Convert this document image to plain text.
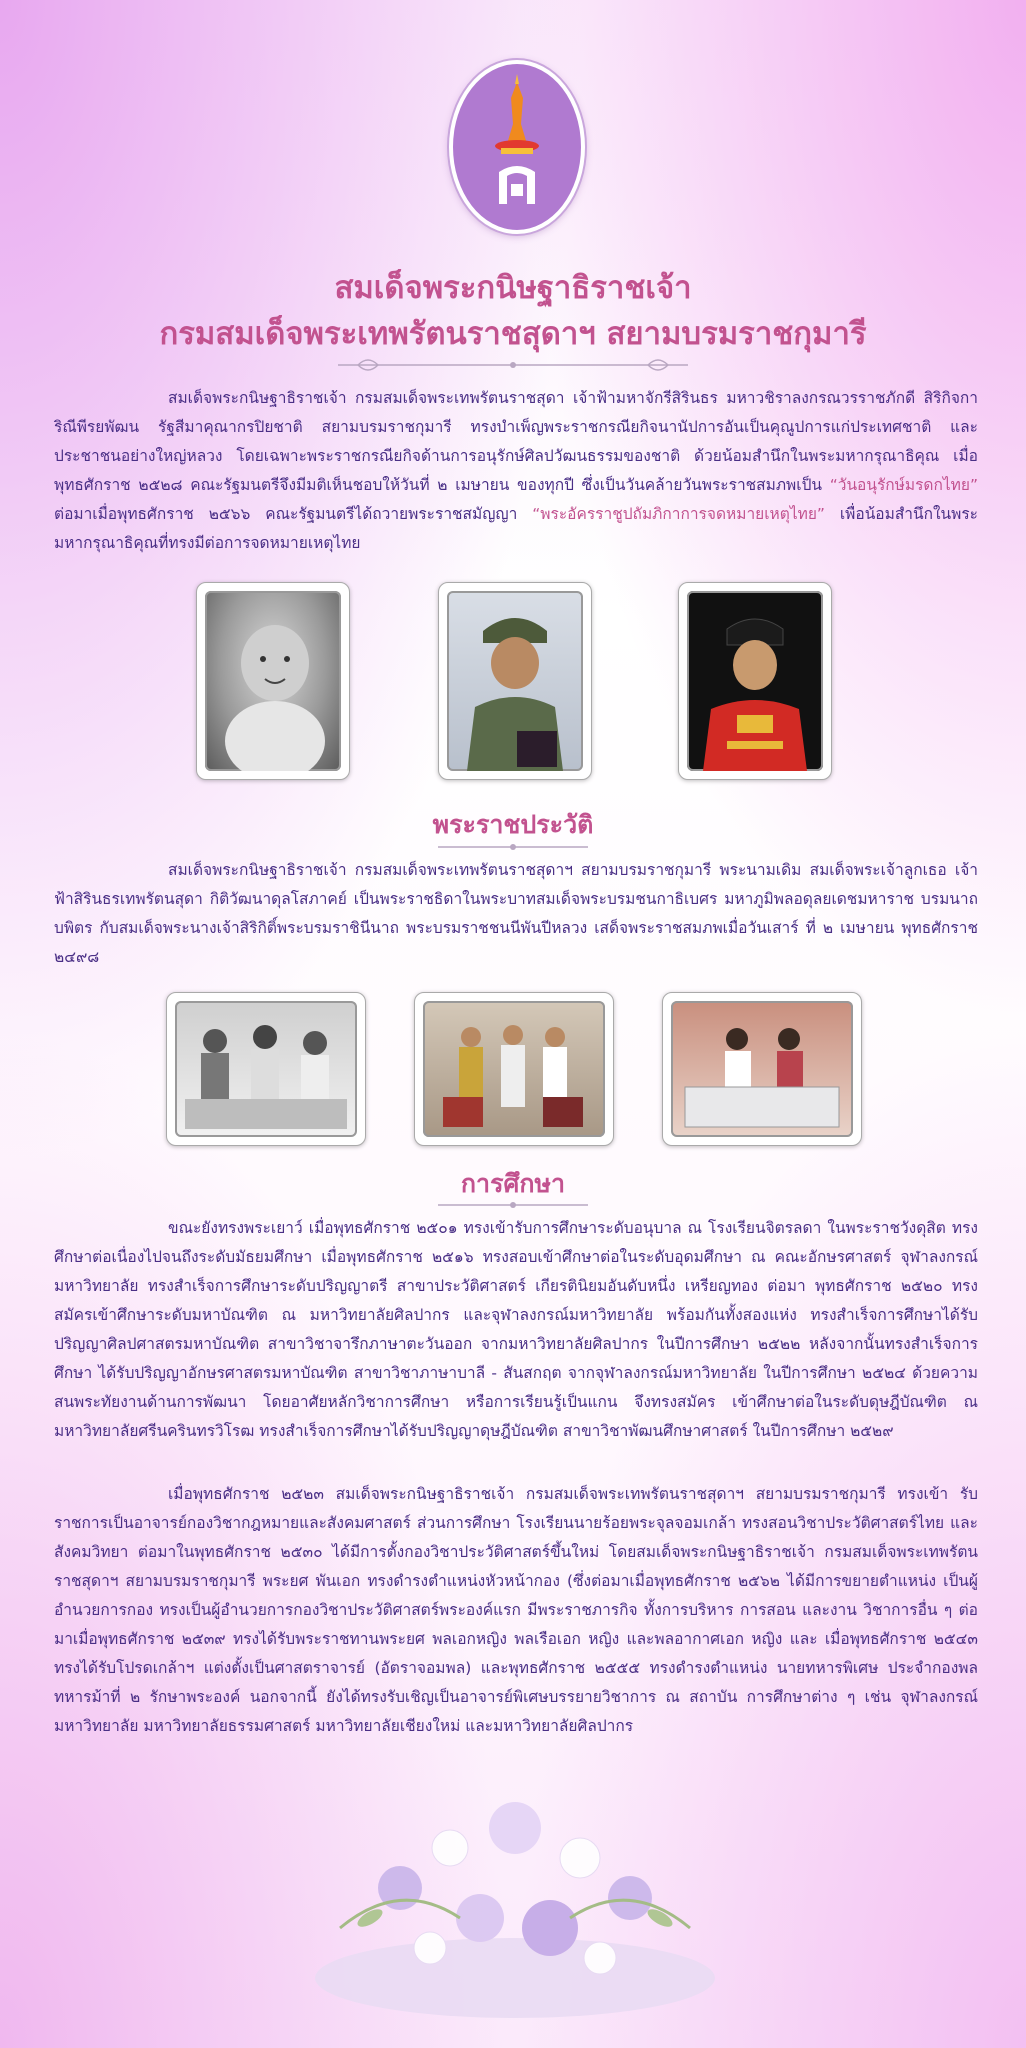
สมเด็จพระกนิษฐาธิราชเจ้า
กรมสมเด็จพระเทพรัตนราชสุดาฯ สยามบรมราชกุมารี

สมเด็จพระกนิษฐาธิราชเจ้า กรมสมเด็จพระเทพรัตนราชสุดา เจ้าฟ้ามหาจักรีสิรินธร มหาวชิราลงกรณวรราชภักดี สิริกิจการิณีพีรยพัฒน รัฐสีมาคุณากรปิยชาติ สยามบรมราชกุมารี ทรงบำเพ็ญพระราชกรณียกิจนานัปการอันเป็นคุณูปการแก่ประเทศชาติ และประชาชนอย่างใหญ่หลวง โดยเฉพาะพระราชกรณียกิจด้านการอนุรักษ์ศิลปวัฒนธรรมของชาติ ด้วยน้อมสำนึกในพระมหากรุณาธิคุณ เมื่อพุทธศักราช ๒๕๒๘ คณะรัฐมนตรีจึงมีมติเห็นชอบให้วันที่ ๒ เมษายน ของทุกปี ซึ่งเป็นวันคล้ายวันพระราชสมภพเป็น “วันอนุรักษ์มรดกไทย” ต่อมาเมื่อพุทธศักราช ๒๕๖๖ คณะรัฐมนตรีได้ถวายพระราชสมัญญา “พระอัครราชูปถัมภิกาการจดหมายเหตุไทย” เพื่อน้อมสำนึกในพระมหากรุณาธิคุณที่ทรงมีต่อการจดหมายเหตุไทย

พระราชประวัติ

สมเด็จพระกนิษฐาธิราชเจ้า กรมสมเด็จพระเทพรัตนราชสุดาฯ สยามบรมราชกุมารี พระนามเดิม สมเด็จพระเจ้าลูกเธอ เจ้าฟ้าสิรินธรเทพรัตนสุดา กิติวัฒนาดุลโสภาคย์ เป็นพระราชธิดาในพระบาทสมเด็จพระบรมชนกาธิเบศร มหาภูมิพลอดุลยเดชมหาราช บรมนาถบพิตร กับสมเด็จพระนางเจ้าสิริกิติ์พระบรมราชินีนาถ พระบรมราชชนนีพันปีหลวง เสด็จพระราชสมภพเมื่อวันเสาร์ ที่ ๒ เมษายน พุทธศักราช ๒๔๙๘

การศึกษา

ขณะยังทรงพระเยาว์ เมื่อพุทธศักราช ๒๕๐๑ ทรงเข้ารับการศึกษาระดับอนุบาล ณ โรงเรียนจิตรลดา ในพระราชวังดุสิต ทรงศึกษาต่อเนื่องไปจนถึงระดับมัธยมศึกษา เมื่อพุทธศักราช ๒๕๑๖ ทรงสอบเข้าศึกษาต่อในระดับอุดมศึกษา ณ คณะอักษรศาสตร์ จุฬาลงกรณ์มหาวิทยาลัย ทรงสำเร็จการศึกษาระดับปริญญาตรี สาขาประวัติศาสตร์ เกียรตินิยมอันดับหนึ่ง เหรียญทอง ต่อมา พุทธศักราช ๒๕๒๐ ทรงสมัครเข้าศึกษาระดับมหาบัณฑิต ณ มหาวิทยาลัยศิลปากร และจุฬาลงกรณ์มหาวิทยาลัย พร้อมกันทั้งสองแห่ง ทรงสำเร็จการศึกษาได้รับปริญญาศิลปศาสตรมหาบัณฑิต สาขาวิชาจารึกภาษาตะวันออก จากมหาวิทยาลัยศิลปากร ในปีการศึกษา ๒๕๒๒ หลังจากนั้นทรงสำเร็จการศึกษา ได้รับปริญญาอักษรศาสตรมหาบัณฑิต สาขาวิชาภาษาบาลี - สันสกฤต จากจุฬาลงกรณ์มหาวิทยาลัย ในปีการศึกษา ๒๕๒๔ ด้วยความสนพระทัยงานด้านการพัฒนา โดยอาศัยหลักวิชาการศึกษา หรือการเรียนรู้เป็นแกน จึงทรงสมัคร เข้าศึกษาต่อในระดับดุษฎีบัณฑิต ณ มหาวิทยาลัยศรีนครินทรวิโรฒ ทรงสำเร็จการศึกษาได้รับปริญญาดุษฎีบัณฑิต สาขาวิชาพัฒนศึกษาศาสตร์ ในปีการศึกษา ๒๕๒๙

เมื่อพุทธศักราช ๒๕๒๓ สมเด็จพระกนิษฐาธิราชเจ้า กรมสมเด็จพระเทพรัตนราชสุดาฯ สยามบรมราชกุมารี ทรงเข้า รับราชการเป็นอาจารย์กองวิชากฎหมายและสังคมศาสตร์ ส่วนการศึกษา โรงเรียนนายร้อยพระจุลจอมเกล้า ทรงสอนวิชาประวัติศาสตร์ไทย และสังคมวิทยา ต่อมาในพุทธศักราช ๒๕๓๐ ได้มีการตั้งกองวิชาประวัติศาสตร์ขึ้นใหม่ โดยสมเด็จพระกนิษฐาธิราชเจ้า กรมสมเด็จพระเทพรัตน ราชสุดาฯ สยามบรมราชกุมารี พระยศ พันเอก ทรงดำรงตำแหน่งหัวหน้ากอง (ซึ่งต่อมาเมื่อพุทธศักราช ๒๕๖๒ ได้มีการขยายตำแหน่ง เป็นผู้อำนวยการกอง ทรงเป็นผู้อำนวยการกองวิชาประวัติศาสตร์พระองค์แรก มีพระราชภารกิจ ทั้งการบริหาร การสอน และงาน วิชาการอื่น ๆ ต่อมาเมื่อพุทธศักราช ๒๕๓๙ ทรงได้รับพระราชทานพระยศ พลเอกหญิง พลเรือเอก หญิง และพลอากาศเอก หญิง และ เมื่อพุทธศักราช ๒๕๔๓ ทรงได้รับโปรดเกล้าฯ แต่งตั้งเป็นศาสตราจารย์ (อัตราจอมพล) และพุทธศักราช ๒๕๕๕ ทรงดำรงตำแหน่ง นายทหารพิเศษ ประจำกองพลทหารม้าที่ ๒ รักษาพระองค์ นอกจากนี้ ยังได้ทรงรับเชิญเป็นอาจารย์พิเศษบรรยายวิชาการ ณ สถาบัน การศึกษาต่าง ๆ เช่น จุฬาลงกรณ์มหาวิทยาลัย มหาวิทยาลัยธรรมศาสตร์ มหาวิทยาลัยเชียงใหม่ และมหาวิทยาลัยศิลปากร
